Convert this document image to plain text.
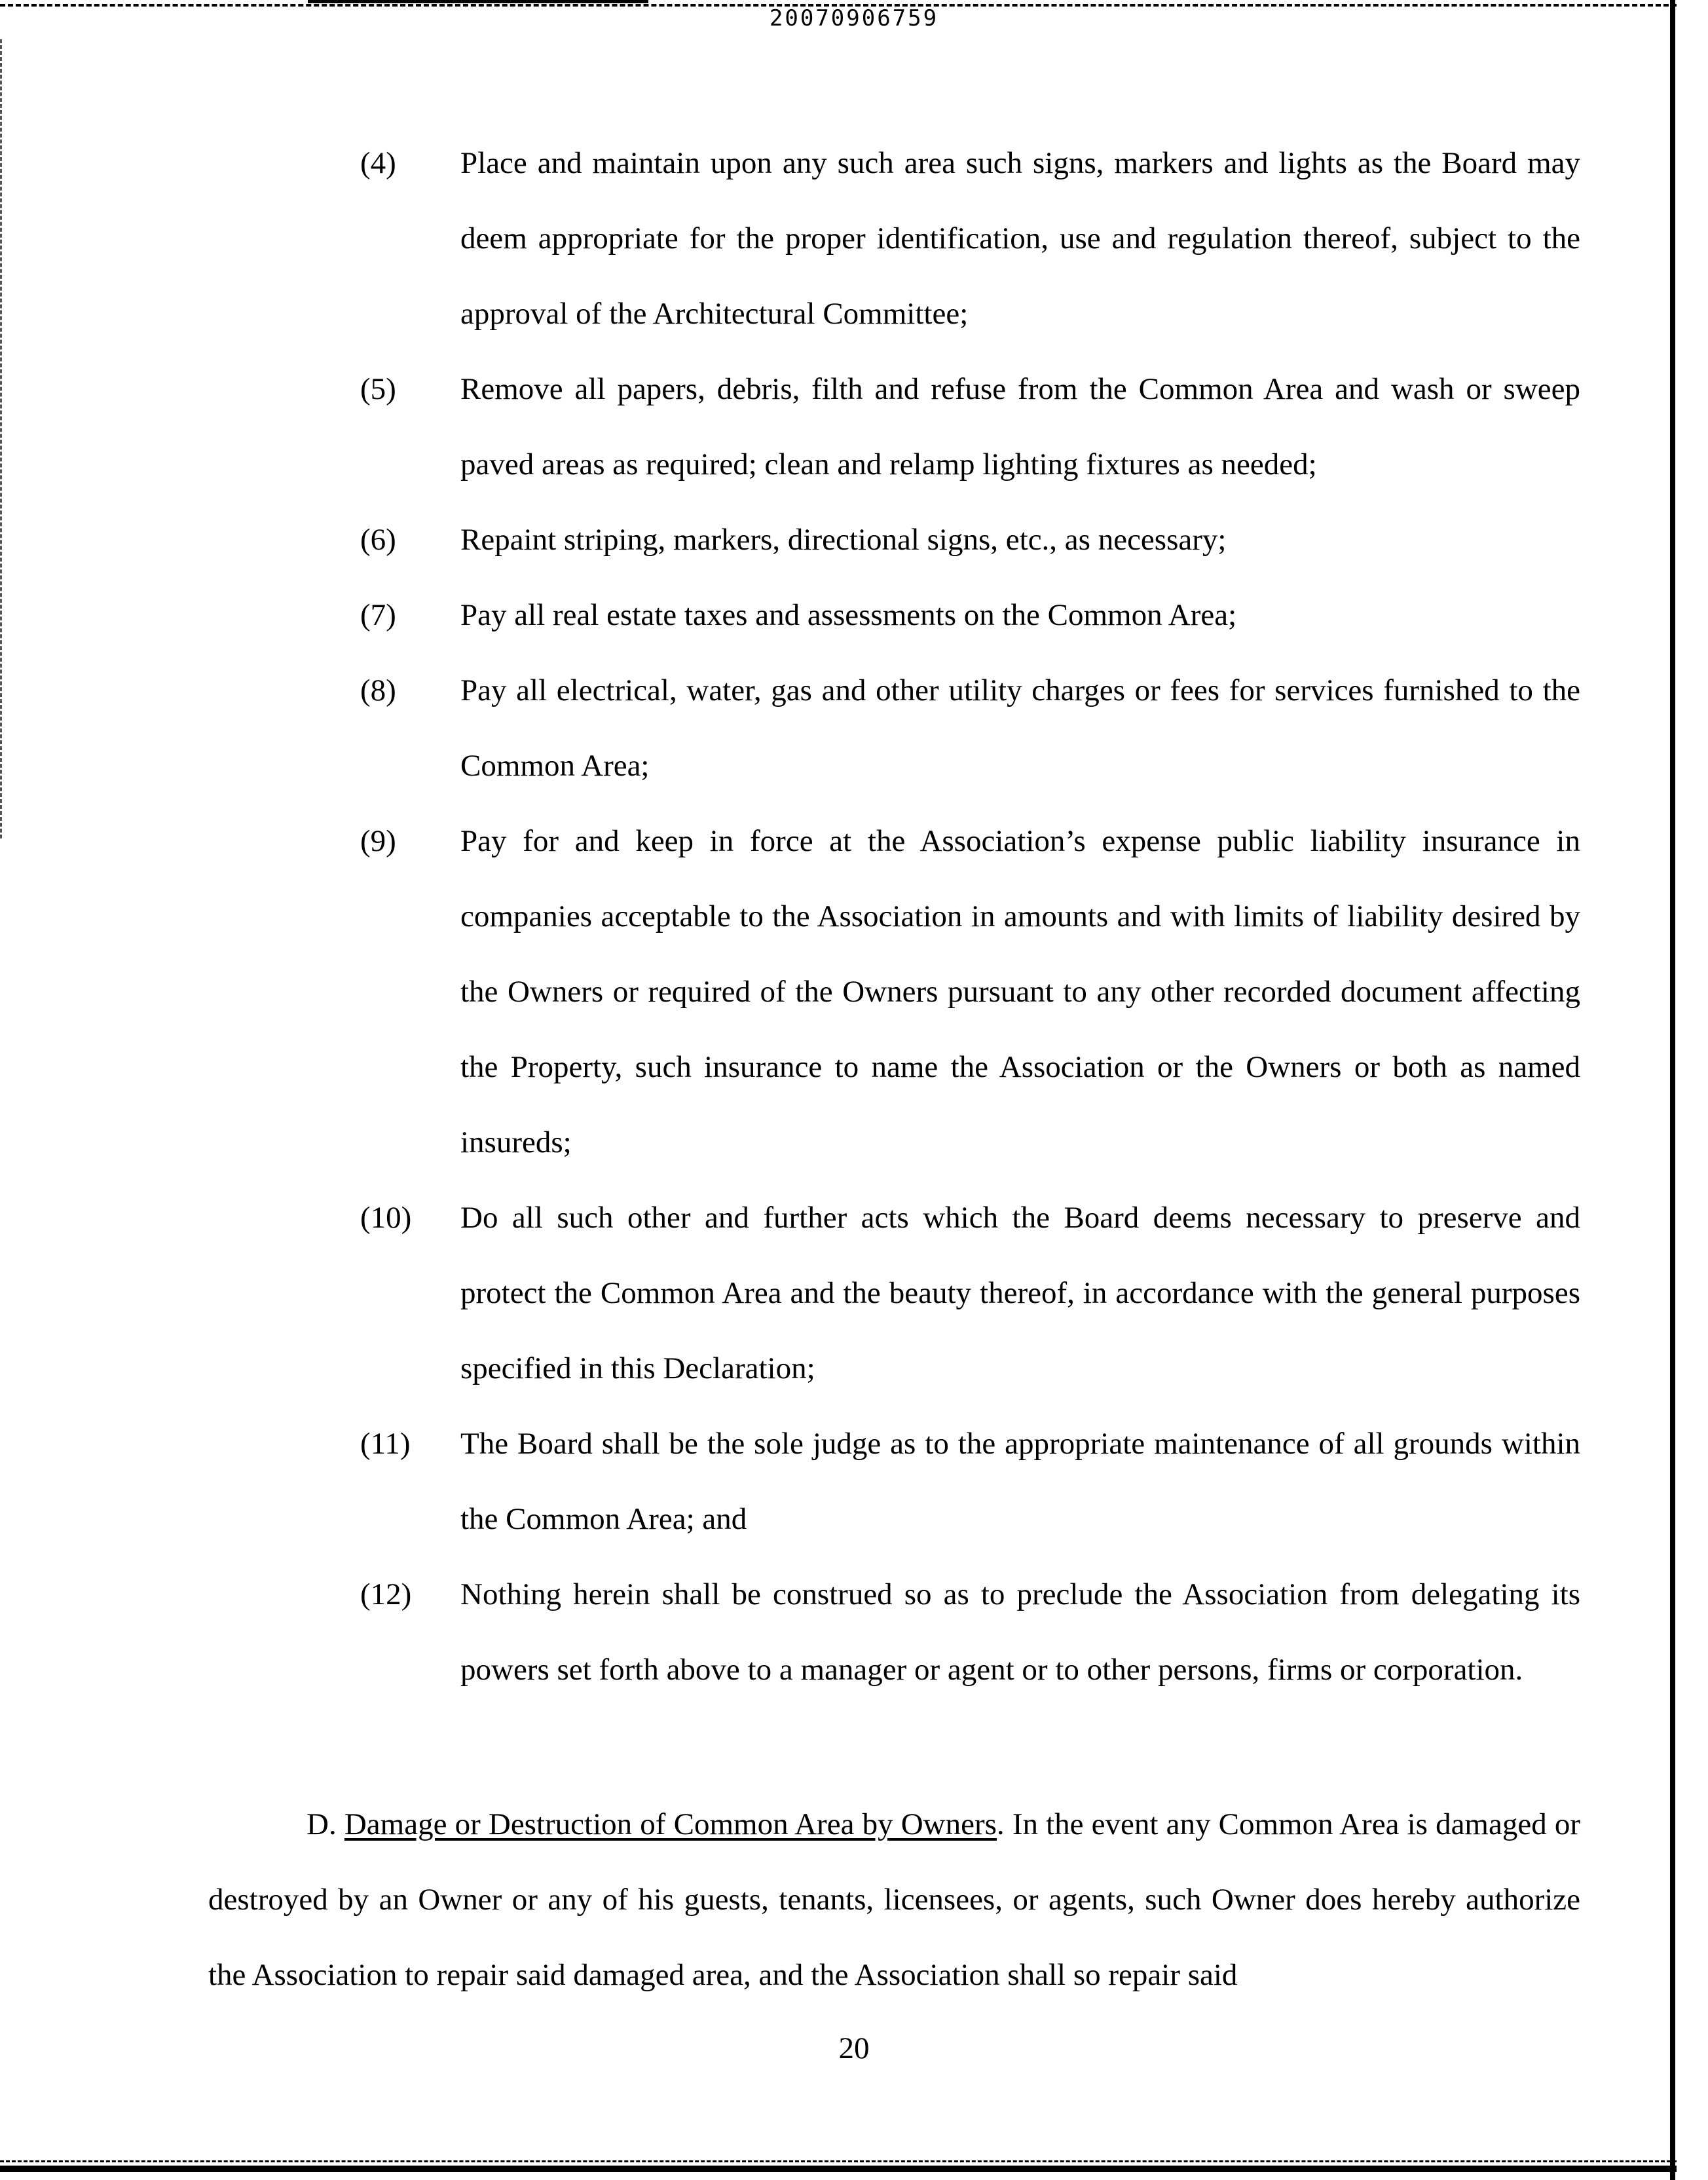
20070906759
(4) Place and maintain upon any such area such signs, markers and lights as the Board may deem appropriate for the proper identification, use and regulation thereof, subject to the approval of the Architectural Committee;
(5) Remove all papers, debris, filth and refuse from the Common Area and wash or sweep paved areas as required; clean and relamp lighting fixtures as needed;
(6) Repaint striping, markers, directional signs, etc., as necessary;
(7) Pay all real estate taxes and assessments on the Common Area;
(8) Pay all electrical, water, gas and other utility charges or fees for services furnished to the Common Area;
(9) Pay for and keep in force at the Association’s expense public liability insurance in companies acceptable to the Association in amounts and with limits of liability desired by the Owners or required of the Owners pursuant to any other recorded document affecting the Property, such insurance to name the Association or the Owners or both as named insureds;
(10) Do all such other and further acts which the Board deems necessary to preserve and protect the Common Area and the beauty thereof, in accordance with the general purposes specified in this Declaration;
(11) The Board shall be the sole judge as to the appropriate maintenance of all grounds within the Common Area; and
(12) Nothing herein shall be construed so as to preclude the Association from delegating its powers set forth above to a manager or agent or to other persons, firms or corporation.
D. Damage or Destruction of Common Area by Owners. In the event any Common Area is damaged or destroyed by an Owner or any of his guests, tenants, licensees, or agents, such Owner does hereby authorize the Association to repair said damaged area, and the Association shall so repair said
20
